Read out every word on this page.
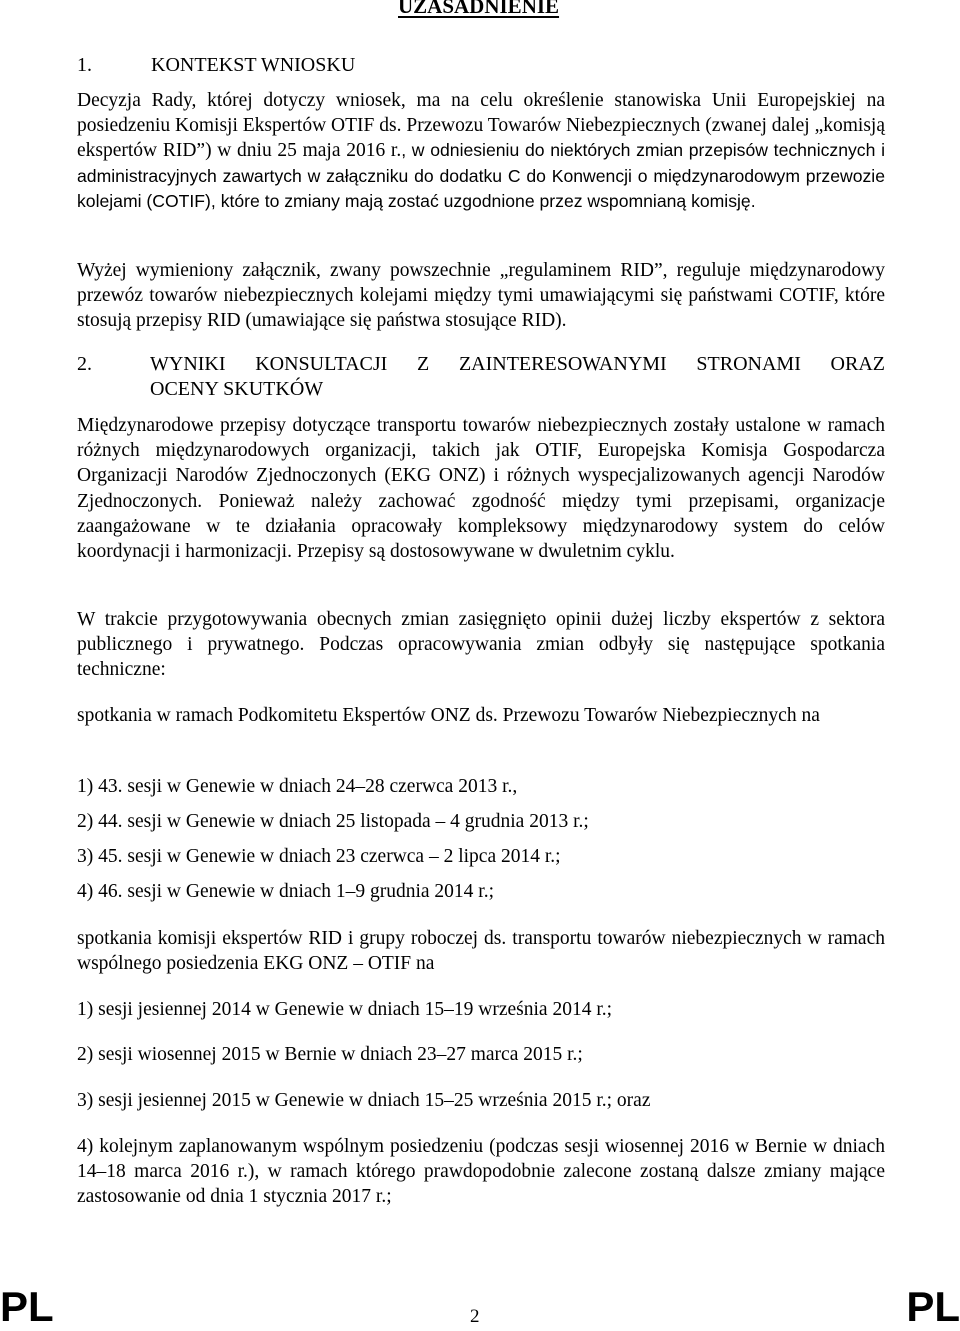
UZASADNIENIE
1.	KONTEKST WNIOSKU
Decyzja Rady, której dotyczy wniosek, ma na celu określenie stanowiska Unii Europejskiej na posiedzeniu Komisji Ekspertów OTIF ds. Przewozu Towarów Niebezpiecznych (zwanej dalej „komisją ekspertów RID”) w dniu 25 maja 2016 r., w odniesieniu do niektórych zmian przepisów technicznych i administracyjnych zawartych w załączniku do dodatku C do Konwencji o międzynarodowym przewozie kolejami (COTIF), które to zmiany mają zostać uzgodnione przez wspomnianą komisję.
Wyżej wymieniony załącznik, zwany powszechnie „regulaminem RID”, reguluje międzynarodowy przewóz towarów niebezpiecznych kolejami między tymi umawiającymi się państwami COTIF, które stosują przepisy RID (umawiające się państwa stosujące RID).
2.	WYNIKI KONSULTACJI Z ZAINTERESOWANYMI STRONAMI ORAZ
OCENY SKUTKÓW
Międzynarodowe przepisy dotyczące transportu towarów niebezpiecznych zostały ustalone w ramach różnych międzynarodowych organizacji, takich jak OTIF, Europejska Komisja Gospodarcza Organizacji Narodów Zjednoczonych (EKG ONZ) i różnych wyspecjalizowanych agencji Narodów Zjednoczonych. Ponieważ należy zachować zgodność między tymi przepisami, organizacje zaangażowane w te działania opracowały kompleksowy międzynarodowy system do celów koordynacji i harmonizacji. Przepisy są dostosowywane w dwuletnim cyklu.
W trakcie przygotowywania obecnych zmian zasięgnięto opinii dużej liczby ekspertów z sektora publicznego i prywatnego. Podczas opracowywania zmian odbyły się następujące spotkania techniczne:
spotkania w ramach Podkomitetu Ekspertów ONZ ds. Przewozu Towarów Niebezpiecznych na
1) 43. sesji w Genewie w dniach 24–28 czerwca 2013 r.,
2) 44. sesji w Genewie w dniach 25 listopada – 4 grudnia 2013 r.;
3) 45. sesji w Genewie w dniach 23 czerwca – 2 lipca 2014 r.;
4) 46. sesji w Genewie w dniach 1–9 grudnia 2014 r.;
spotkania komisji ekspertów RID i grupy roboczej ds. transportu towarów niebezpiecznych w ramach wspólnego posiedzenia EKG ONZ – OTIF na
1) sesji jesiennej 2014 w Genewie w dniach 15–19 września 2014 r.;
2) sesji wiosennej 2015 w Bernie w dniach 23–27 marca 2015 r.;
3) sesji jesiennej 2015 w Genewie w dniach 15–25 września 2015 r.; oraz
4) kolejnym zaplanowanym wspólnym posiedzeniu (podczas sesji wiosennej 2016 w Bernie w dniach 14–18 marca 2016 r.), w ramach którego prawdopodobnie zalecone zostaną dalsze zmiany mające zastosowanie od dnia 1 stycznia 2017 r.;
PL	2	PL
